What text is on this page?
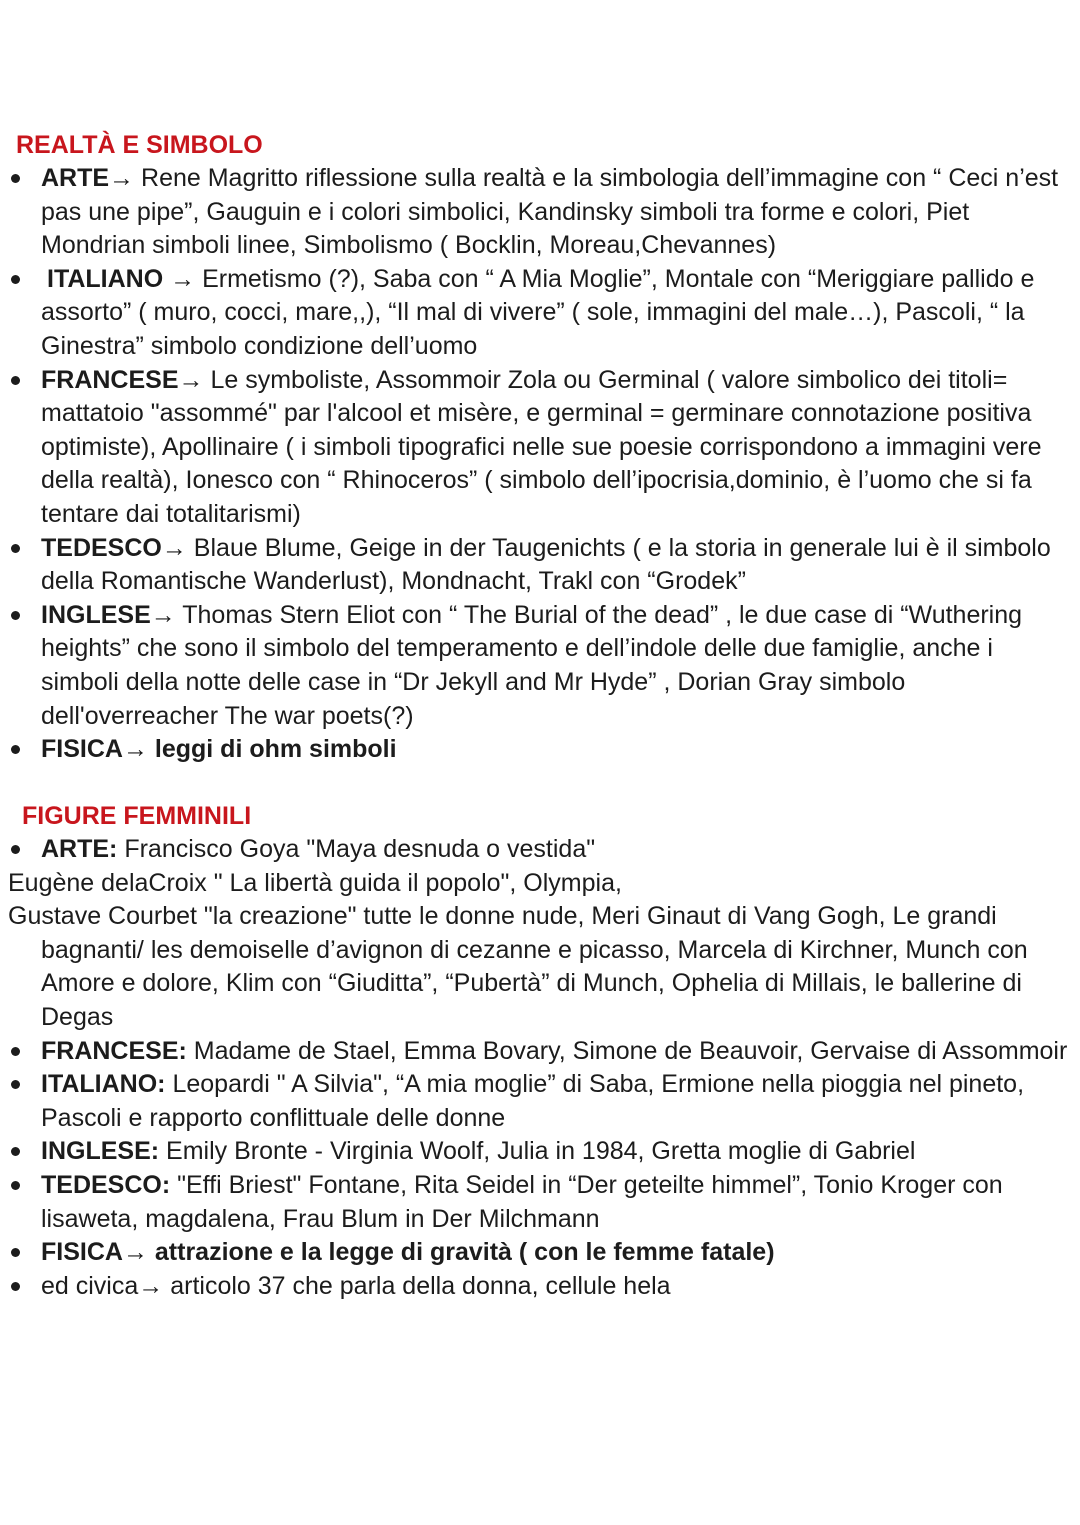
REALTÀ E SIMBOLO

ARTE→ Rene Magritto riflessione sulla realtà e la simbologia dell’immagine con “ Ceci n’est pas une pipe”, Gauguin e i colori simbolici, Kandinsky simboli tra forme e colori, Piet Mondrian simboli linee, Simbolismo ( Bocklin, Moreau,Chevannes)

ITALIANO → Ermetismo (?), Saba con “ A Mia Moglie”, Montale con “Meriggiare pallido e assorto” ( muro, cocci, mare,,), “Il mal di vivere” ( sole, immagini del male…), Pascoli, “ la Ginestra” simbolo condizione dell’uomo

FRANCESE→ Le symboliste, Assommoir Zola ou Germinal ( valore simbolico dei titoli= mattatoio "assommé" par l'alcool et misère, e germinal = germinare connotazione positiva optimiste), Apollinaire ( i simboli tipografici nelle sue poesie corrispondono a immagini vere della realtà), Ionesco con “ Rhinoceros” ( simbolo dell’ipocrisia,dominio, è l’uomo che si fa tentare dai totalitarismi)

TEDESCO→ Blaue Blume, Geige in der Taugenichts ( e la storia in generale lui è il simbolo della Romantische Wanderlust), Mondnacht, Trakl con “Grodek”

INGLESE→ Thomas Stern Eliot con “ The Burial of the dead” , le due case di “Wuthering heights” che sono il simbolo del temperamento e dell’indole delle due famiglie, anche i simboli della notte delle case in “Dr Jekyll and Mr Hyde” , Dorian Gray simbolo dell'overreacher The war poets(?)

FISICA→ leggi di ohm simboli

FIGURE FEMMINILI

ARTE: Francisco Goya "Maya desnuda o vestida"

Eugène delaCroix " La libertà guida il popolo", Olympia,

Gustave Courbet "la creazione" tutte le donne nude, Meri Ginaut di Vang Gogh, Le grandi bagnanti/ les demoiselle d’avignon di cezanne e picasso, Marcela di Kirchner, Munch con Amore e dolore, Klim con “Giuditta”, “Pubertà” di Munch, Ophelia di Millais, le ballerine di Degas

FRANCESE: Madame de Stael, Emma Bovary, Simone de Beauvoir, Gervaise di Assommoir

ITALIANO: Leopardi " A Silvia", “A mia moglie” di Saba, Ermione nella pioggia nel pineto, Pascoli e rapporto conflittuale delle donne

INGLESE: Emily Bronte - Virginia Woolf, Julia in 1984, Gretta moglie di Gabriel

TEDESCO: "Effi Briest" Fontane, Rita Seidel in “Der geteilte himmel”, Tonio Kroger con lisaweta, magdalena, Frau Blum in Der Milchmann

FISICA→ attrazione e la legge di gravità ( con le femme fatale)

ed civica→ articolo 37 che parla della donna, cellule hela
